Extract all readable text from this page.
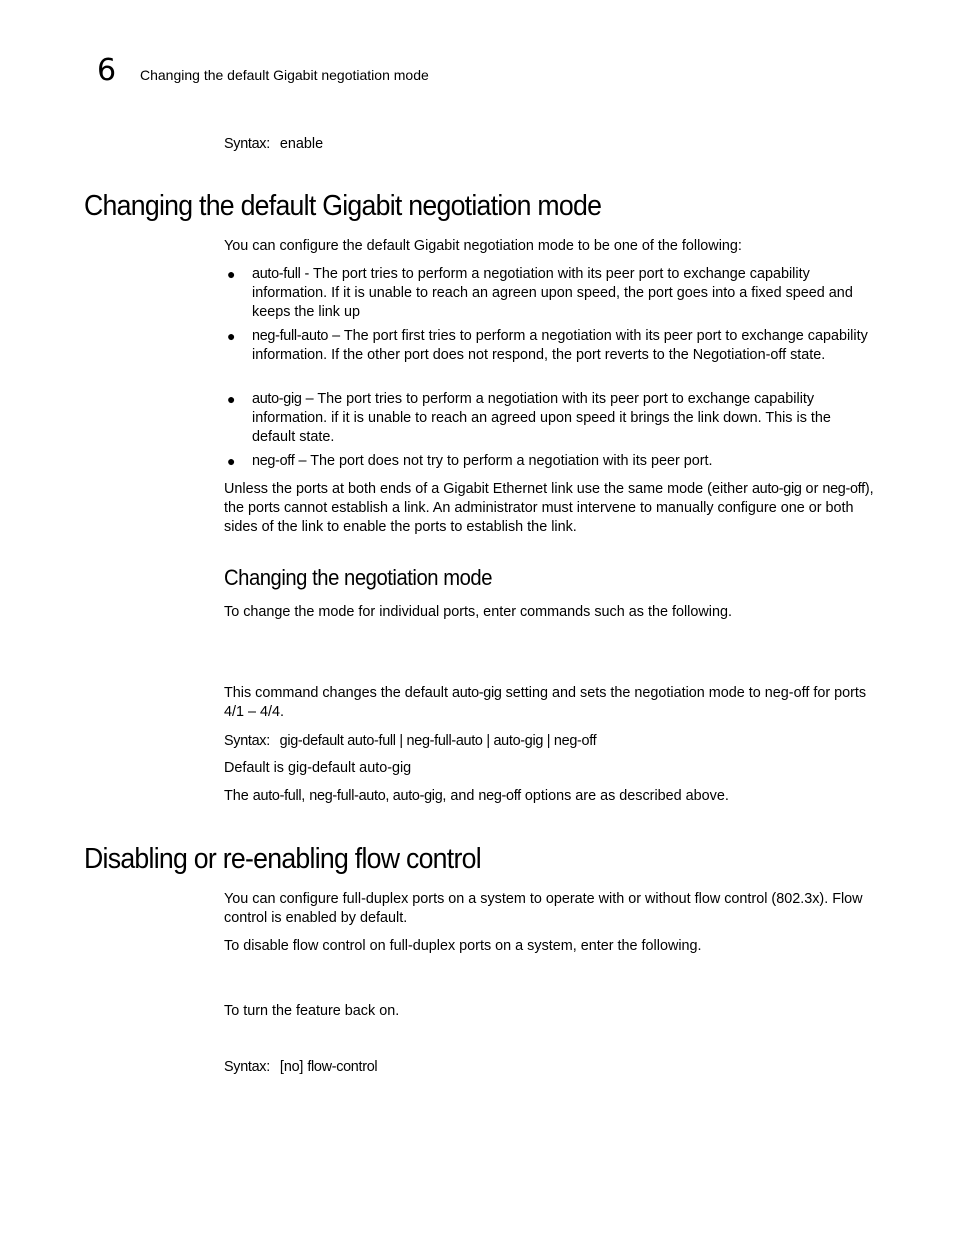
6 Changing the default Gigabit negotiation mode
Syntax: enable
Changing the default Gigabit negotiation mode
You can configure the default Gigabit negotiation mode to be one of the following:
● auto-full - The port tries to perform a negotiation with its peer port to exchange capability information. If it is unable to reach an agreen upon speed, the port goes into a fixed speed and keeps the link up
● neg-full-auto – The port first tries to perform a negotiation with its peer port to exchange capability information. If the other port does not respond, the port reverts to the Negotiation-off state.
● auto-gig – The port tries to perform a negotiation with its peer port to exchange capability information. if it is unable to reach an agreed upon speed it brings the link down. This is the default state.
● neg-off – The port does not try to perform a negotiation with its peer port.
Unless the ports at both ends of a Gigabit Ethernet link use the same mode (either auto-gig or neg-off), the ports cannot establish a link. An administrator must intervene to manually configure one or both sides of the link to enable the ports to establish the link.
Changing the negotiation mode
To change the mode for individual ports, enter commands such as the following.
This command changes the default auto-gig setting and sets the negotiation mode to neg-off for ports 4/1 – 4/4.
Syntax: gig-default auto-full | neg-full-auto | auto-gig | neg-off
Default is gig-default auto-gig
The auto-full, neg-full-auto, auto-gig, and neg-off options are as described above.
Disabling or re-enabling flow control
You can configure full-duplex ports on a system to operate with or without flow control (802.3x). Flow control is enabled by default.
To disable flow control on full-duplex ports on a system, enter the following.
To turn the feature back on.
Syntax: [no] flow-control
